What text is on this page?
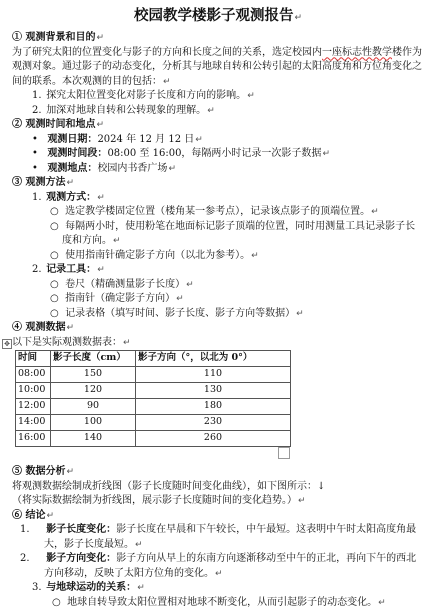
校园教学楼影子观测报告↵
① 观测背景和目的↵
为了研究太阳的位置变化与影子的方向和长度之间的关系，选定校园内一座标志性教学楼作为观测对象。通过影子的动态变化，分析其与地球自转和公转引起的太阳高度角和方位角变化之间的联系。本次观测的目的包括：↵
1. 探究太阳位置变化对影子长度和方向的影响。↵
2. 加深对地球自转和公转现象的理解。↵
② 观测时间和地点↵
•   观测日期：2024 年 12 月 12 日↵
•   观测时间段：08:00 至 16:00，每隔两小时记录一次影子数据↵
•   观测地点：校园内书香广场↵
③ 观测方法↵
1. 观测方式：↵
○  选定教学楼固定位置（楼角某一参考点），记录该点影子的顶端位置。↵
○  每隔两小时，使用粉笔在地面标记影子顶端的位置，同时用测量工具记录影子长度和方向。↵
○  使用指南针确定影子方向（以北为参考）。↵
2. 记录工具：↵
○  卷尺（精确测量影子长度）↵
○  指南针（确定影子方向）↵
○  记录表格（填写时间、影子长度、影子方向等数据）↵
④ 观测数据↵
✥ 以下是实际观测数据表：↵
时间	影子长度（cm）	影子方向（°，以北为 0°）
08:00	150	110
10:00	120	130
12:00	90	180
14:00	100	230
16:00	140	260
⑤ 数据分析↵
将观测数据绘制成折线图（影子长度随时间变化曲线），如下图所示：↓
（将实际数据绘制为折线图，展示影子长度随时间的变化趋势。）↵
⑥ 结论↵
1. 影子长度变化：影子长度在早晨和下午较长，中午最短。这表明中午时太阳高度角最大，影子长度最短。↵
2. 影子方向变化：影子方向从早上的东南方向逐渐移动至中午的正北，再向下午的西北方向移动，反映了太阳方位角的变化。↵
3. 与地球运动的关系：↵
○  地球自转导致太阳位置相对地球不断变化，从而引起影子的动态变化。↵
